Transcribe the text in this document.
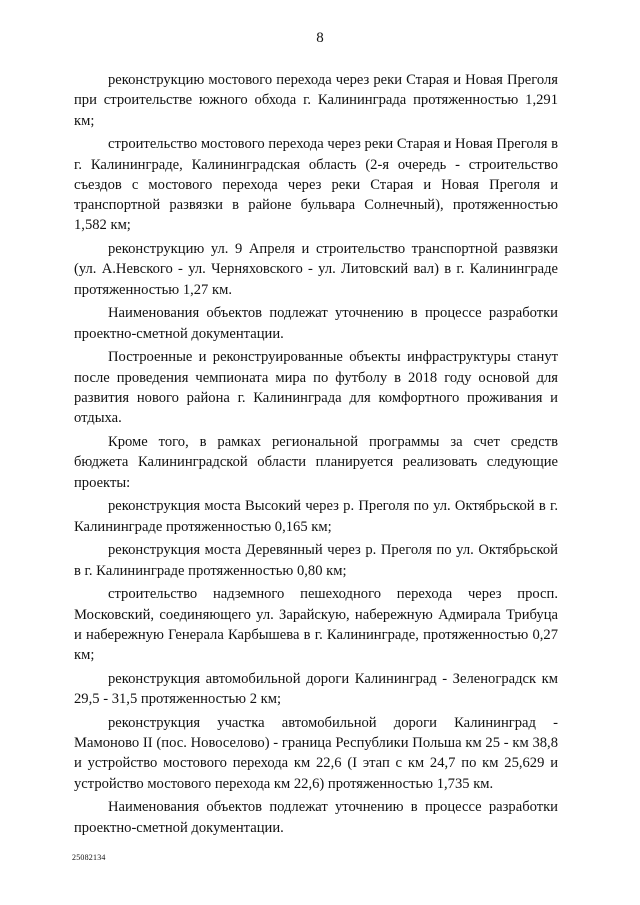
8

реконструкцию мостового перехода через реки Старая и Новая Преголя при строительстве южного обхода г. Калининграда протяженностью 1,291 км;

строительство мостового перехода через реки Старая и Новая Преголя в г. Калининграде, Калининградская область (2-я очередь - строительство съездов с мостового перехода через реки Старая и Новая Преголя и транспортной развязки в районе бульвара Солнечный), протяженностью 1,582 км;

реконструкцию ул. 9 Апреля и строительство транспортной развязки (ул. А.Невского - ул. Черняховского - ул. Литовский вал) в г. Калининграде протяженностью 1,27 км.

Наименования объектов подлежат уточнению в процессе разработки проектно-сметной документации.

Построенные и реконструированные объекты инфраструктуры станут после проведения чемпионата мира по футболу в 2018 году основой для развития нового района г. Калининграда для комфортного проживания и отдыха.

Кроме того, в рамках региональной программы за счет средств бюджета Калининградской области планируется реализовать следующие проекты:

реконструкция моста Высокий через р. Преголя по ул. Октябрьской в г. Калининграде протяженностью 0,165 км;

реконструкция моста Деревянный через р. Преголя по ул. Октябрьской в г. Калининграде протяженностью 0,80 км;

строительство надземного пешеходного перехода через просп. Московский, соединяющего ул. Зарайскую, набережную Адмирала Трибуца и набережную Генерала Карбышева в г. Калининграде, протяженностью 0,27 км;

реконструкция автомобильной дороги Калининград - Зеленоградск км 29,5 - 31,5 протяженностью 2 км;

реконструкция участка автомобильной дороги Калининград - Мамоново II (пос. Новоселово) - граница Республики Польша км 25 - км 38,8 и устройство мостового перехода км 22,6 (I этап с км 24,7 по км 25,629 и устройство мостового перехода км 22,6) протяженностью 1,735 км.

Наименования объектов подлежат уточнению в процессе разработки проектно-сметной документации.

25082134
